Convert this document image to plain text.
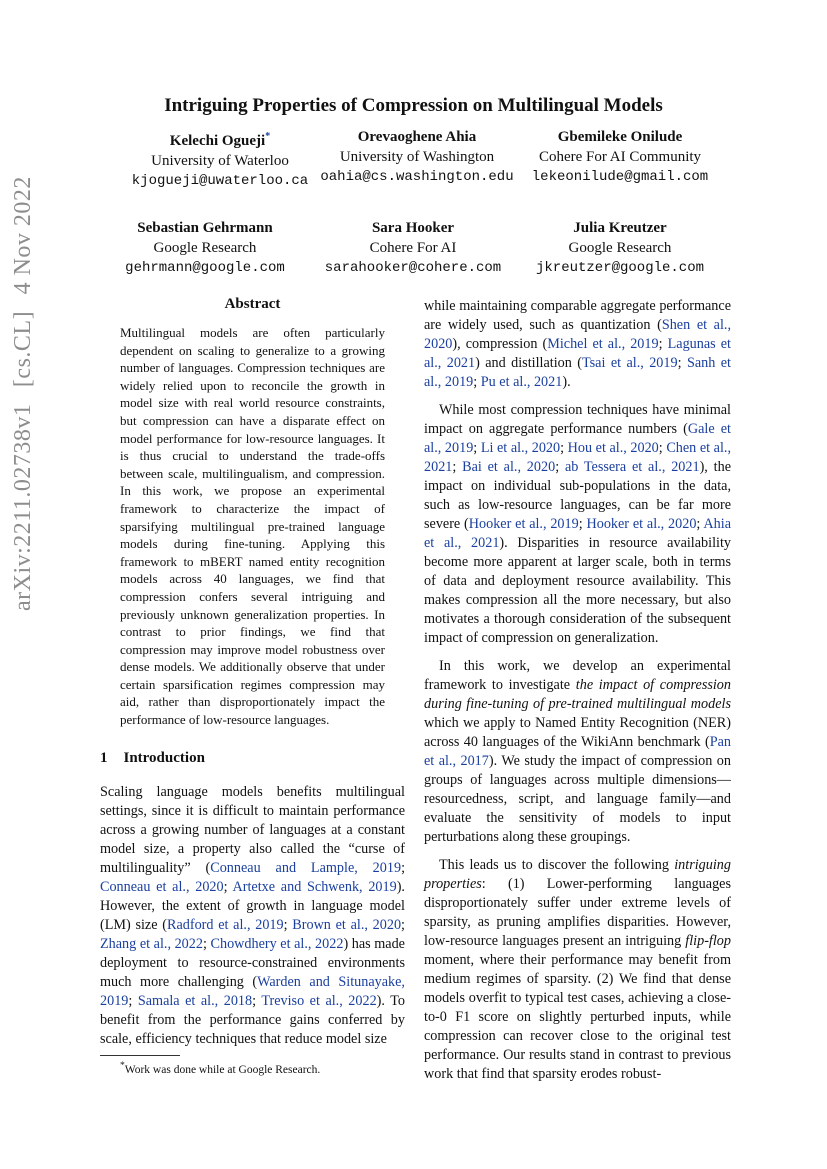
arXiv:2211.02738v1 [cs.CL] 4 Nov 2022
Intriguing Properties of Compression on Multilingual Models
Kelechi Ogueji*
University of Waterloo
kjogueji@uwaterloo.ca
Orevaoghene Ahia
University of Washington
oahia@cs.washington.edu
Gbemileke Onilude
Cohere For AI Community
lekeonilude@gmail.com
Sebastian Gehrmann
Google Research
gehrmann@google.com
Sara Hooker
Cohere For AI
sarahooker@cohere.com
Julia Kreutzer
Google Research
jkreutzer@google.com
Abstract
Multilingual models are often particularly dependent on scaling to generalize to a growing number of languages. Compression techniques are widely relied upon to reconcile the growth in model size with real world resource constraints, but compression can have a disparate effect on model performance for low-resource languages. It is thus crucial to understand the trade-offs between scale, multilingualism, and compression. In this work, we propose an experimental framework to characterize the impact of sparsifying multilingual pre-trained language models during fine-tuning. Applying this framework to mBERT named entity recognition models across 40 languages, we find that compression confers several intriguing and previously unknown generalization properties. In contrast to prior findings, we find that compression may improve model robustness over dense models. We additionally observe that under certain sparsification regimes compression may aid, rather than disproportionately impact the performance of low-resource languages.
1 Introduction

Scaling language models benefits multilingual settings, since it is difficult to maintain performance across a growing number of languages at a constant model size, a property also called the “curse of multilinguality” (Conneau and Lample, 2019; Conneau et al., 2020; Artetxe and Schwenk, 2019). However, the extent of growth in language model (LM) size (Radford et al., 2019; Brown et al., 2020; Zhang et al., 2022; Chowdhery et al., 2022) has made deployment to resource-constrained environments much more challenging (Warden and Situnayake, 2019; Samala et al., 2018; Treviso et al., 2022). To benefit from the performance gains conferred by scale, efficiency techniques that reduce model size

while maintaining comparable aggregate performance are widely used, such as quantization (Shen et al., 2020), compression (Michel et al., 2019; Lagunas et al., 2021) and distillation (Tsai et al., 2019; Sanh et al., 2019; Pu et al., 2021).

While most compression techniques have minimal impact on aggregate performance numbers (Gale et al., 2019; Li et al., 2020; Hou et al., 2020; Chen et al., 2021; Bai et al., 2020; ab Tessera et al., 2021), the impact on individual sub-populations in the data, such as low-resource languages, can be far more severe (Hooker et al., 2019; Hooker et al., 2020; Ahia et al., 2021). Disparities in resource availability become more apparent at larger scale, both in terms of data and deployment resource availability. This makes compression all the more necessary, but also motivates a thorough consideration of the subsequent impact of compression on generalization.

In this work, we develop an experimental framework to investigate the impact of compression during fine-tuning of pre-trained multilingual models which we apply to Named Entity Recognition (NER) across 40 languages of the WikiAnn benchmark (Pan et al., 2017). We study the impact of compression on groups of languages across multiple dimensions—resourcedness, script, and language family—and evaluate the sensitivity of models to input perturbations along these groupings.

This leads us to discover the following intriguing properties: (1) Lower-performing languages disproportionately suffer under extreme levels of sparsity, as pruning amplifies disparities. However, low-resource languages present an intriguing flip-flop moment, where their performance may benefit from medium regimes of sparsity. (2) We find that dense models overfit to typical test cases, achieving a close-to-0 F1 score on slightly perturbed inputs, while compression can recover close to the original test performance. Our results stand in contrast to previous work that find that sparsity erodes robust-

*Work was done while at Google Research.
